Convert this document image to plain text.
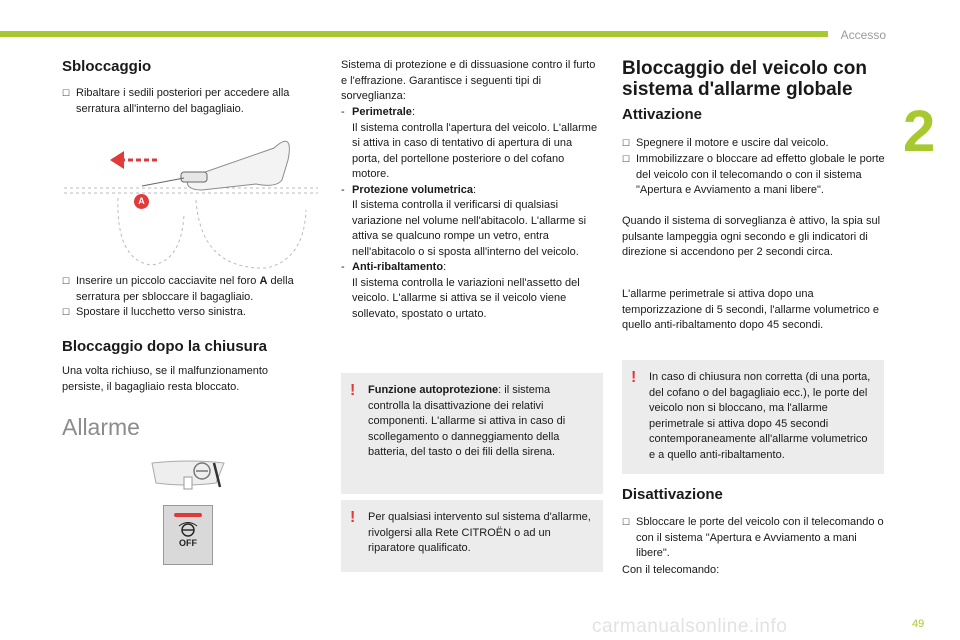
Accesso
2
49
carmanualsonline.info
Sbloccaggio
☐ Ribaltare i sedili posteriori per accedere alla serratura all'interno del bagagliaio.
A
☐ Inserire un piccolo cacciavite nel foro A della serratura per sbloccare il bagagliaio.
☐ Spostare il lucchetto verso sinistra.
Bloccaggio dopo la chiusura
Una volta richiuso, se il malfunzionamento persiste, il bagagliaio resta bloccato.
Allarme
OFF
Sistema di protezione e di dissuasione contro il furto e l'effrazione. Garantisce i seguenti tipi di sorveglianza:
- Perimetrale:
Il sistema controlla l'apertura del veicolo. L'allarme si attiva in caso di tentativo di apertura di una porta, del portellone posteriore o del cofano motore.
- Protezione volumetrica:
Il sistema controlla il verificarsi di qualsiasi variazione nel volume nell'abitacolo. L'allarme si attiva se qualcuno rompe un vetro, entra nell'abitacolo o si sposta all'interno del veicolo.
- Anti-ribaltamento:
Il sistema controlla le variazioni nell'assetto del veicolo. L'allarme si attiva se il veicolo viene sollevato, spostato o urtato.
! Funzione autoprotezione: il sistema controlla la disattivazione dei relativi componenti. L'allarme si attiva in caso di scollegamento o danneggiamento della batteria, del tasto o dei fili della sirena.
! Per qualsiasi intervento sul sistema d'allarme, rivolgersi alla Rete CITROËN o ad un riparatore qualificato.
Bloccaggio del veicolo con sistema d'allarme globale
Attivazione
☐ Spegnere il motore e uscire dal veicolo.
☐ Immobilizzare o bloccare ad effetto globale le porte del veicolo con il telecomando o con il sistema "Apertura e Avviamento a mani libere".
Quando il sistema di sorveglianza è attivo, la spia sul pulsante lampeggia ogni secondo e gli indicatori di direzione si accendono per 2 secondi circa.
L'allarme perimetrale si attiva dopo una temporizzazione di 5 secondi, l'allarme volumetrico e quello anti-ribaltamento dopo 45 secondi.
! In caso di chiusura non corretta (di una porta, del cofano o del bagagliaio ecc.), le porte del veicolo non si bloccano, ma l'allarme perimetrale si attiva dopo 45 secondi contemporaneamente all'allarme volumetrico e a quello anti-ribaltamento.
Disattivazione
☐ Sbloccare le porte del veicolo con il telecomando o con il sistema "Apertura e Avviamento a mani libere".
Con il telecomando:
